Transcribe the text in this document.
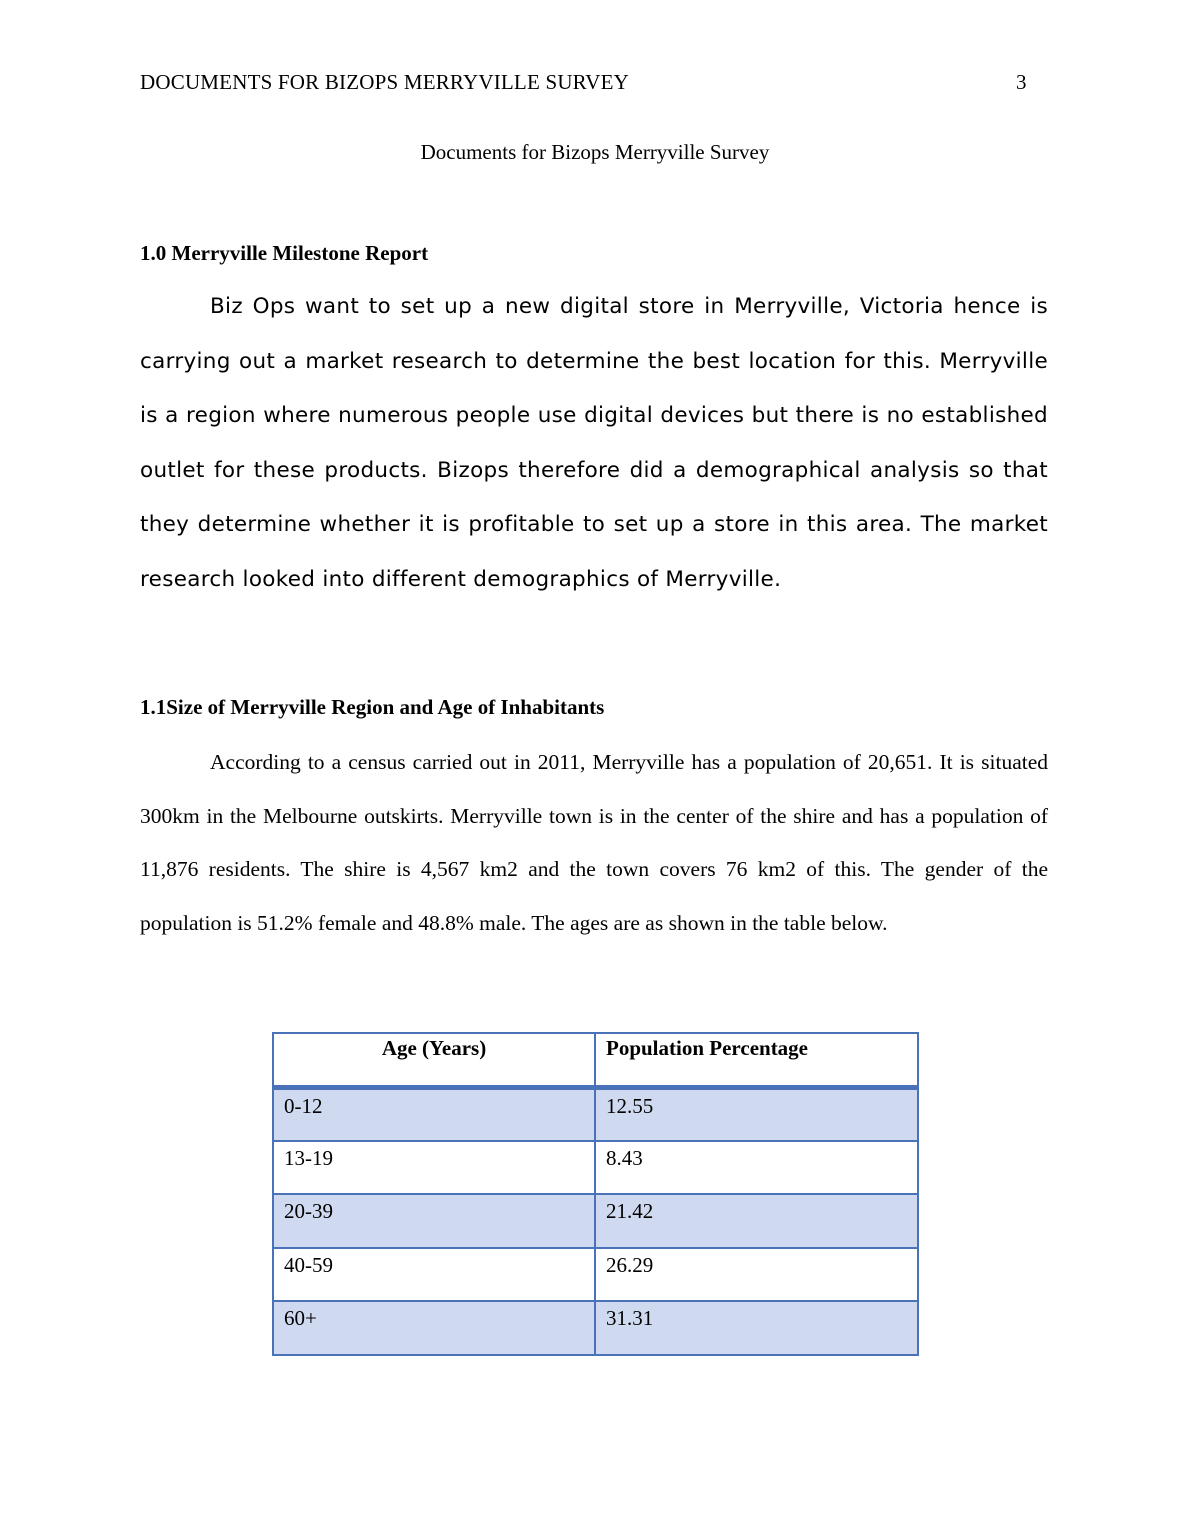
DOCUMENTS FOR BIZOPS MERRYVILLE SURVEY	3
Documents for Bizops Merryville Survey
1.0 Merryville Milestone Report

Biz Ops want to set up a new digital store in Merryville, Victoria hence is carrying out a market research to determine the best location for this. Merryville is a region where numerous people use digital devices but there is no established outlet for these products. Bizops therefore did a demographical analysis so that they determine whether it is profitable to set up a store in this area. The market research looked into different demographics of Merryville.

1.1Size of Merryville Region and Age of Inhabitants

According to a census carried out in 2011, Merryville has a population of 20,651. It is situated 300km in the Melbourne outskirts. Merryville town is in the center of the shire and has a population of 11,876 residents. The shire is 4,567 km2 and the town covers 76 km2 of this. The gender of the population is 51.2% female and 48.8% male. The ages are as shown in the table below.

Age (Years)	Population Percentage
0-12	12.55
13-19	8.43
20-39	21.42
40-59	26.29
60+	31.31
